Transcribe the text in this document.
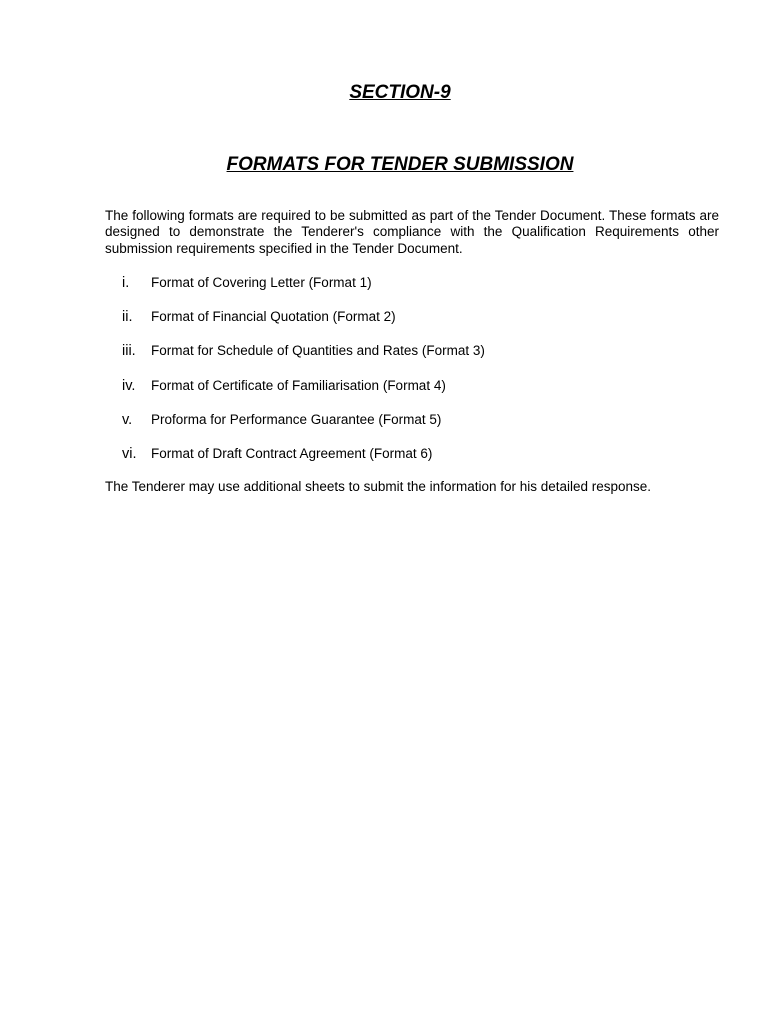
SECTION-9
FORMATS FOR TENDER SUBMISSION

The following formats are required to be submitted as part of the Tender Document. These formats are designed to demonstrate the Tenderer's compliance with the Qualification Requirements other submission requirements specified in the Tender Document.

i. Format of Covering Letter (Format 1)
ii. Format of Financial Quotation (Format 2)
iii. Format for Schedule of Quantities and Rates (Format 3)
iv. Format of Certificate of Familiarisation (Format 4)
v. Proforma for Performance Guarantee (Format 5)
vi. Format of Draft Contract Agreement (Format 6)

The Tenderer may use additional sheets to submit the information for his detailed response.
